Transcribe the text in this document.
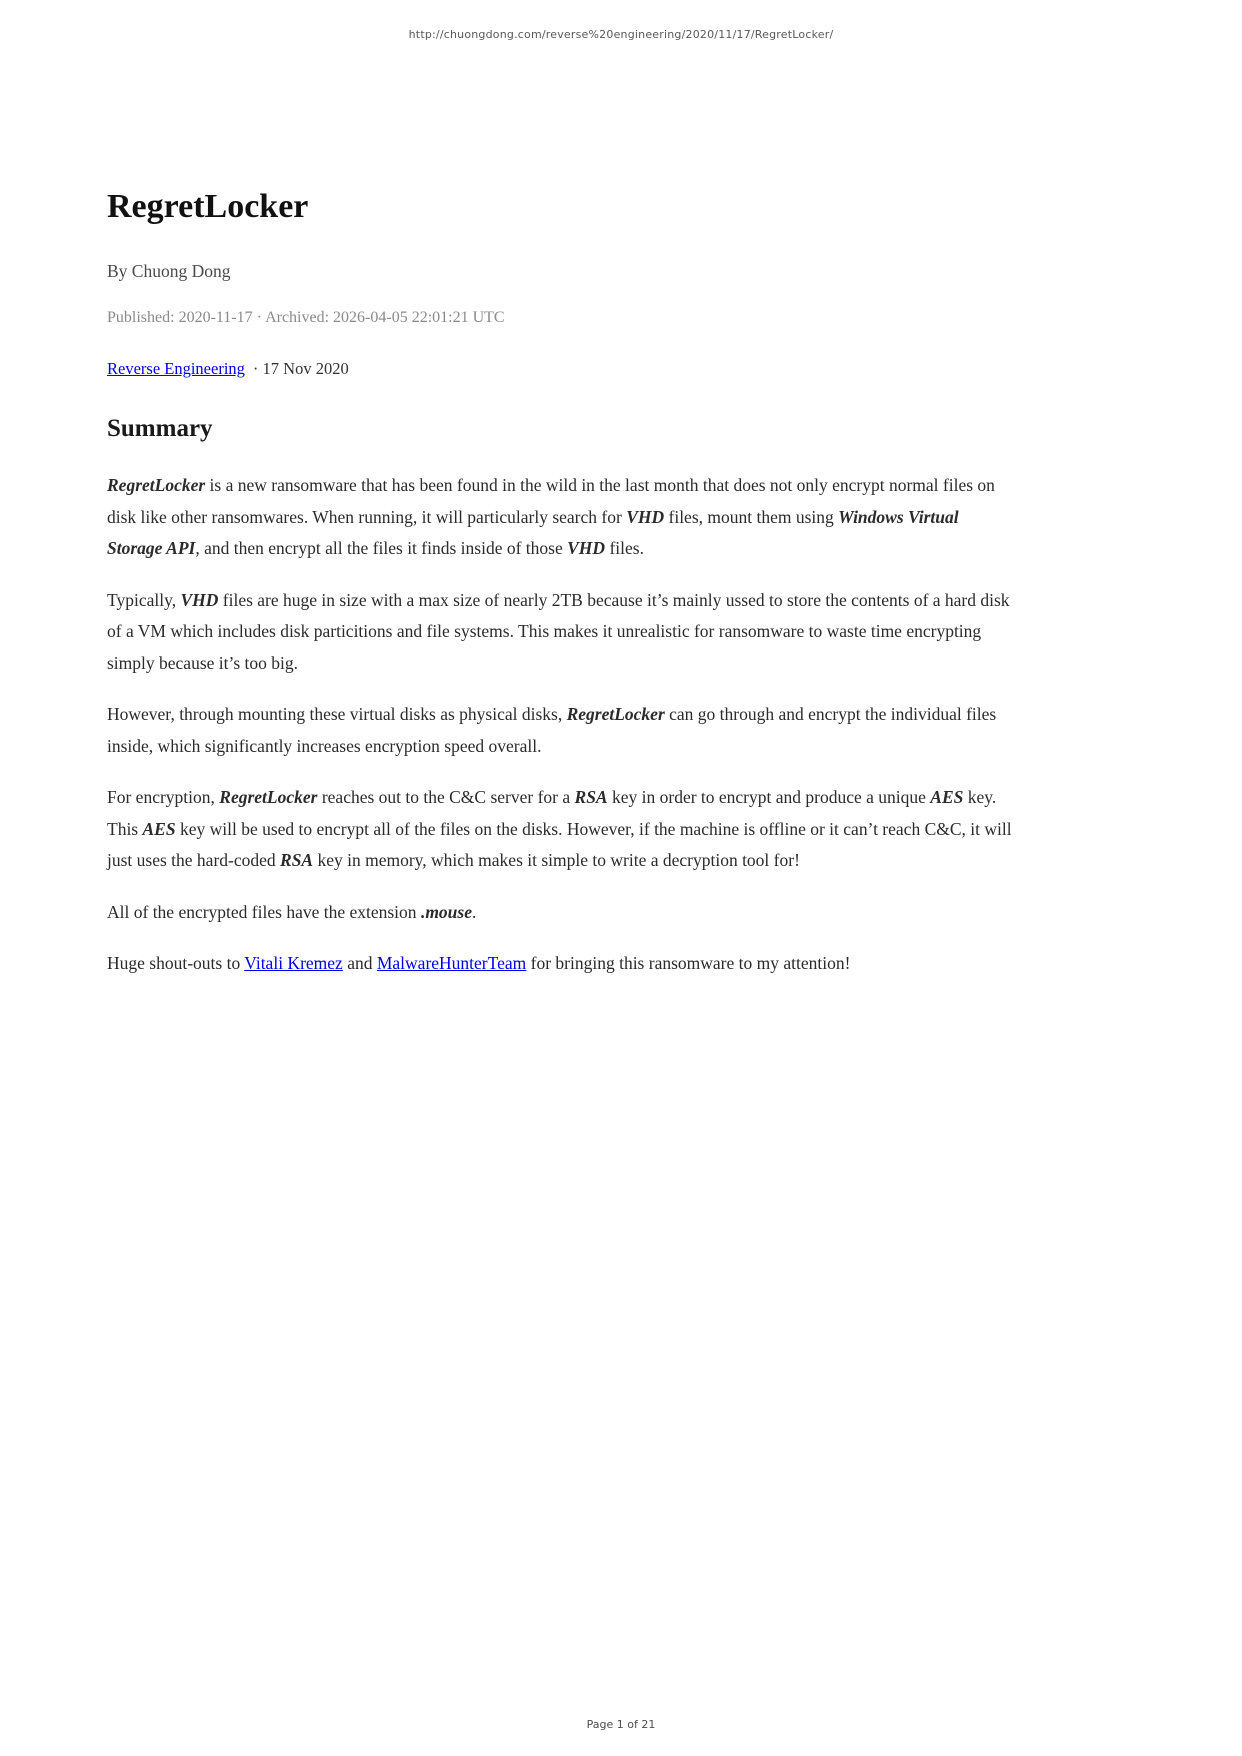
http://chuongdong.com/reverse%20engineering/2020/11/17/RegretLocker/
RegretLocker
By Chuong Dong
Published: 2020-11-17 · Archived: 2026-04-05 22:01:21 UTC
Reverse Engineering · 17 Nov 2020
Summary

RegretLocker is a new ransomware that has been found in the wild in the last month that does not only encrypt normal files on disk like other ransomwares. When running, it will particularly search for VHD files, mount them using Windows Virtual Storage API, and then encrypt all the files it finds inside of those VHD files.

Typically, VHD files are huge in size with a max size of nearly 2TB because it’s mainly ussed to store the contents of a hard disk of a VM which includes disk particitions and file systems. This makes it unrealistic for ransomware to waste time encrypting simply because it’s too big.

However, through mounting these virtual disks as physical disks, RegretLocker can go through and encrypt the individual files inside, which significantly increases encryption speed overall.

For encryption, RegretLocker reaches out to the C&C server for a RSA key in order to encrypt and produce a unique AES key. This AES key will be used to encrypt all of the files on the disks. However, if the machine is offline or it can’t reach C&C, it will just uses the hard-coded RSA key in memory, which makes it simple to write a decryption tool for!

All of the encrypted files have the extension .mouse.

Huge shout-outs to Vitali Kremez and MalwareHunterTeam for bringing this ransomware to my attention!

Page 1 of 21
